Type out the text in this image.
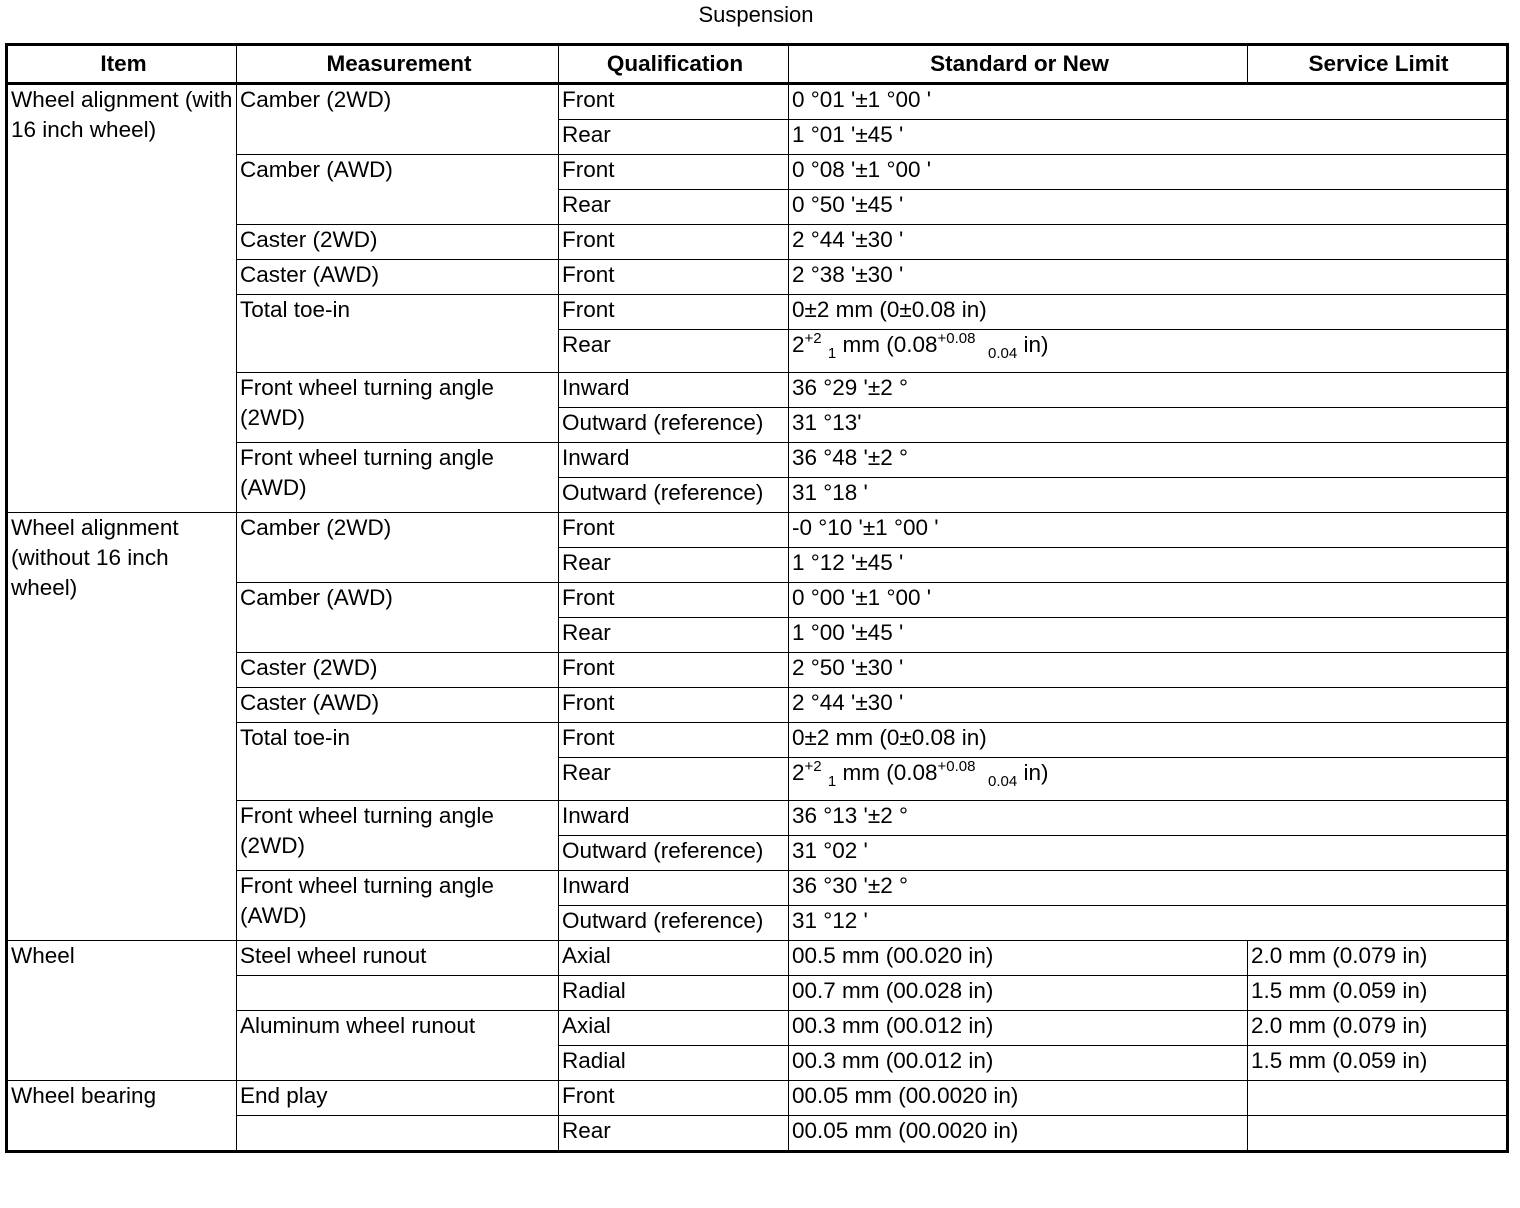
Suspension
Item	Measurement	Qualification	Standard or New	Service Limit
Wheel alignment (with 16 inch wheel)	Camber (2WD)	Front	0 °01 '±1 °00 '	
		Rear	1 °01 '±45 '	
	Camber (AWD)	Front	0 °08 '±1 °00 '	
		Rear	0 °50 '±45 '	
	Caster (2WD)	Front	2 °44 '±30 '	
	Caster (AWD)	Front	2 °38 '±30 '	
	Total toe-in	Front	0±2 mm (0±0.08 in)	
		Rear	$2^{+2}$ $_1$ mm ($0.08^{+0.08}$  $_{0.04}$ in)	
	Front wheel turning angle (2WD)	Inward	36 °29 '±2 °	
		Outward (reference)	31 °13'	
	Front wheel turning angle (AWD)	Inward	36 °48 '±2 °	
		Outward (reference)	31 °18 '	
Wheel alignment (without 16 inch wheel)	Camber (2WD)	Front	-0 °10 '±1 °00 '	
		Rear	1 °12 '±45 '	
	Camber (AWD)	Front	0 °00 '±1 °00 '	
		Rear	1 °00 '±45 '	
	Caster (2WD)	Front	2 °50 '±30 '	
	Caster (AWD)	Front	2 °44 '±30 '	
	Total toe-in	Front	0±2 mm (0±0.08 in)	
		Rear	$2^{+2}$ $_1$ mm ($0.08^{+0.08}$  $_{0.04}$ in)	
	Front wheel turning angle (2WD)	Inward	36 °13 '±2 °	
		Outward (reference)	31 °02 '	
	Front wheel turning angle (AWD)	Inward	36 °30 '±2 °	
		Outward (reference)	31 °12 '	
Wheel	Steel wheel runout	Axial	00.5 mm (00.020 in)	2.0 mm (0.079 in)
		Radial	00.7 mm (00.028 in)	1.5 mm (0.059 in)
	Aluminum wheel runout	Axial	00.3 mm (00.012 in)	2.0 mm (0.079 in)
		Radial	00.3 mm (00.012 in)	1.5 mm (0.059 in)
Wheel bearing	End play	Front	00.05 mm (00.0020 in)	
		Rear	00.05 mm (00.0020 in)	
